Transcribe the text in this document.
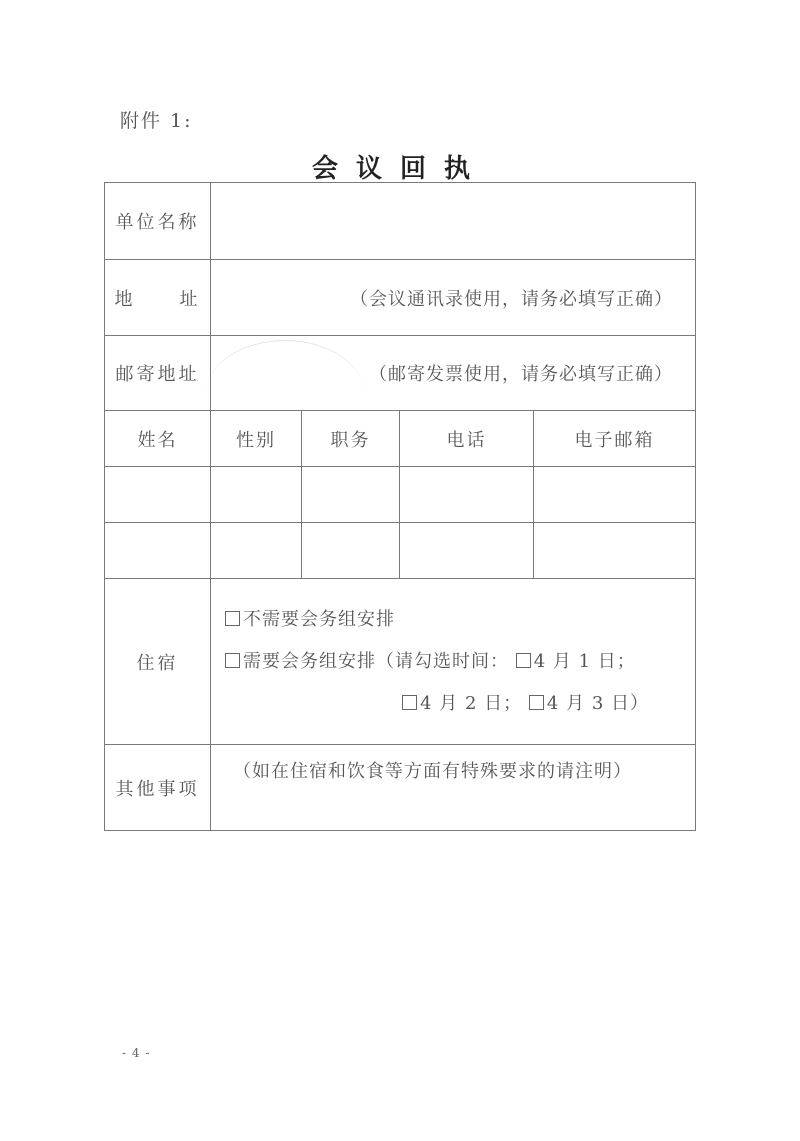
附件 1:
会议回执
单位名称				
地 址	（会议通讯录使用，请务必填写正确）			
邮寄地址	（邮寄发票使用，请务必填写正确）			
姓名	性别	职务	电话	电子邮箱

住宿	不需要会务组安排
需要会务组安排（请勾选时间： 4 月 1 日；
4 月 2 日； 4 月 3 日）			

其他事项	（如在住宿和饮食等方面有特殊要求的请注明）			
- 4 -
